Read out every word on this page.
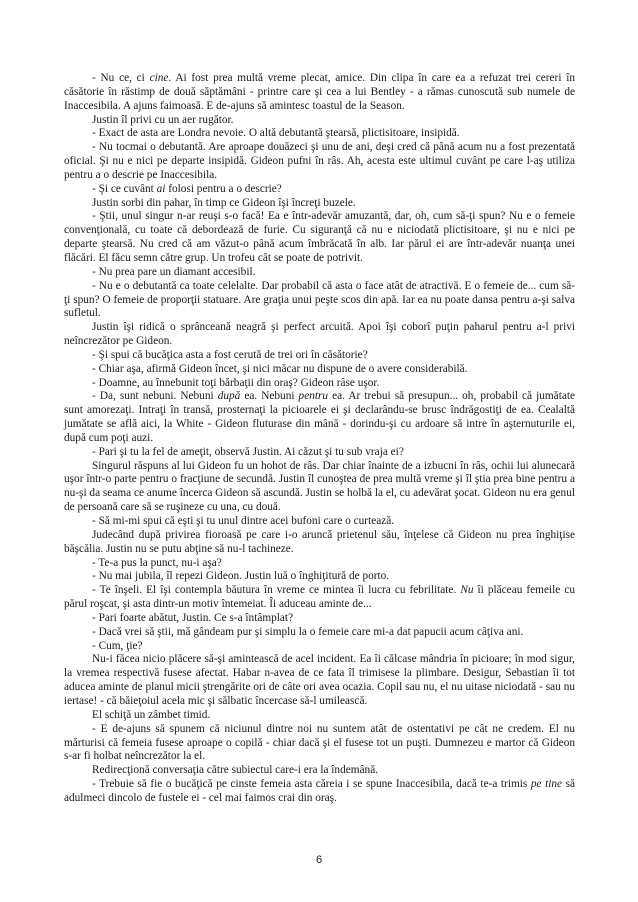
- Nu ce, ci cine. Ai fost prea multă vreme plecat, amice. Din clipa în care ea a refuzat trei cereri în căsătorie în răstimp de două săptămâni - printre care şi cea a lui Bentley - a rămas cunoscută sub numele de Inaccesibila. A ajuns faimoasă. E de-ajuns să amintesc toastul de la Season.

Justin îl privi cu un aer rugător.

- Exact de asta are Londra nevoie. O altă debutantă ştearsă, plictisitoare, insipidă.

- Nu tocmai o debutantă. Are aproape douăzeci şi unu de ani, deşi cred că până acum nu a fost prezentată oficial. Şi nu e nici pe departe insipidă. Gideon pufni în râs. Ah, acesta este ultimul cuvânt pe care l-aş utiliza pentru a o descrie pe Inaccesibila.

- Şi ce cuvânt ai folosi pentru a o descrie?

Justin sorbi din pahar, în timp ce Gideon îşi încreţi buzele.

- Ştii, unul singur n-ar reuşi s-o facă! Ea e într-adevăr amuzantă, dar, oh, cum să-ţi spun? Nu e o femeie convenţională, cu toate că debordează de furie. Cu siguranţă că nu e niciodată plictisitoare, şi nu e nici pe departe ştearsă. Nu cred că am văzut-o până acum îmbrăcată în alb. Iar părul ei are într-adevăr nuanţa unei flăcări. El făcu semn către grup. Un trofeu cât se poate de potrivit.

- Nu prea pare un diamant accesibil.

- Nu e o debutantă ca toate celelalte. Dar probabil că asta o face atât de atractivă. E o femeie de... cum să-ţi spun? O femeie de proporţii statuare. Are graţia unui peşte scos din apă. Iar ea nu poate dansa pentru a-şi salva sufletul.

Justin îşi ridică o sprânceană neagră şi perfect arcuită. Apoi îşi coborî puţin paharul pentru a-l privi neîncrezător pe Gideon.

- Şi spui că bucăţica asta a fost cerută de trei ori în căsătorie?

- Chiar aşa, afirmă Gideon încet, şi nici măcar nu dispune de o avere considerabilă.

- Doamne, au înnebunit toţi bărbaţii din oraş? Gideon râse uşor.

- Da, sunt nebuni. Nebuni după ea. Nebuni pentru ea. Ar trebui să presupun... oh, probabil că jumătate sunt amorezaţi. Intraţi în transă, prosternaţi la picioarele ei şi declarându-se brusc îndrăgostiţi de ea. Cealaltă jumătate se află aici, la White - Gideon fluturase din mână - dorindu-şi cu ardoare să intre în aşternuturile ei, după cum poţi auzi.

- Pari şi tu la fel de ameţit, observă Justin. Ai căzut şi tu sub vraja ei?

Singurul răspuns al lui Gideon fu un hohot de râs. Dar chiar înainte de a izbucni în râs, ochii lui alunecară uşor într-o parte pentru o fracţiune de secundă. Justin îl cunoştea de prea multă vreme şi îl ştia prea bine pentru a nu-şi da seama ce anume încerca Gideon să ascundă. Justin se holbă la el, cu adevărat şocat. Gideon nu era genul de persoană care să se ruşineze cu una, cu două.

- Să mi-mi spui că eşti şi tu unul dintre acei bufoni care o curtează.

Judecând după privirea fioroasă pe care i-o aruncă prietenul său, înţelese că Gideon nu prea înghiţise băşcălia. Justin nu se putu abţine să nu-l tachineze.

- Te-a pus la punct, nu-i aşa?

- Nu mai jubila, îl repezi Gideon. Justin luă o înghiţitură de porto.

- Te înşeli. El îşi contempla băutura în vreme ce mintea îi lucra cu febrilitate. Nu îi plăceau femeile cu părul roşcat, şi asta dintr-un motiv întemeiat. Îi aduceau aminte de...

- Pari foarte abătut, Justin. Ce s-a întâmplat?

- Dacă vrei să ştii, mă gândeam pur şi simplu la o femeie care mi-a dat papucii acum câţiva ani.

- Cum, ţie?

Nu-i făcea nicio plăcere să-şi amintească de acel incident. Ea îi călcase mândria în picioare; în mod sigur, la vremea respectivă fusese afectat. Habar n-avea de ce fata îl trimisese la plimbare. Desigur, Sebastian îi tot aducea aminte de planul micii ştrengărite ori de câte ori avea ocazia. Copil sau nu, el nu uitase niciodată - sau nu iertase! - că băieţoiul acela mic şi sălbatic încercase să-l umilească.

El schiţă un zâmbet timid.

- E de-ajuns să spunem că niciunul dintre noi nu suntem atât de ostentativi pe cât ne credem. El nu mărturisi că femeia fusese aproape o copilă - chiar dacă şi el fusese tot un puşti. Dumnezeu e martor că Gideon s-ar fi holbat neîncrezător la el.

Redirecţionă conversaţia către subiectul care-i era la îndemână.

- Trebuie să fie o bucăţică pe cinste femeia asta căreia i se spune Inaccesibila, dacă te-a trimis pe tine să adulmeci dincolo de fustele ei - cel mai faimos crai din oraş.

6
